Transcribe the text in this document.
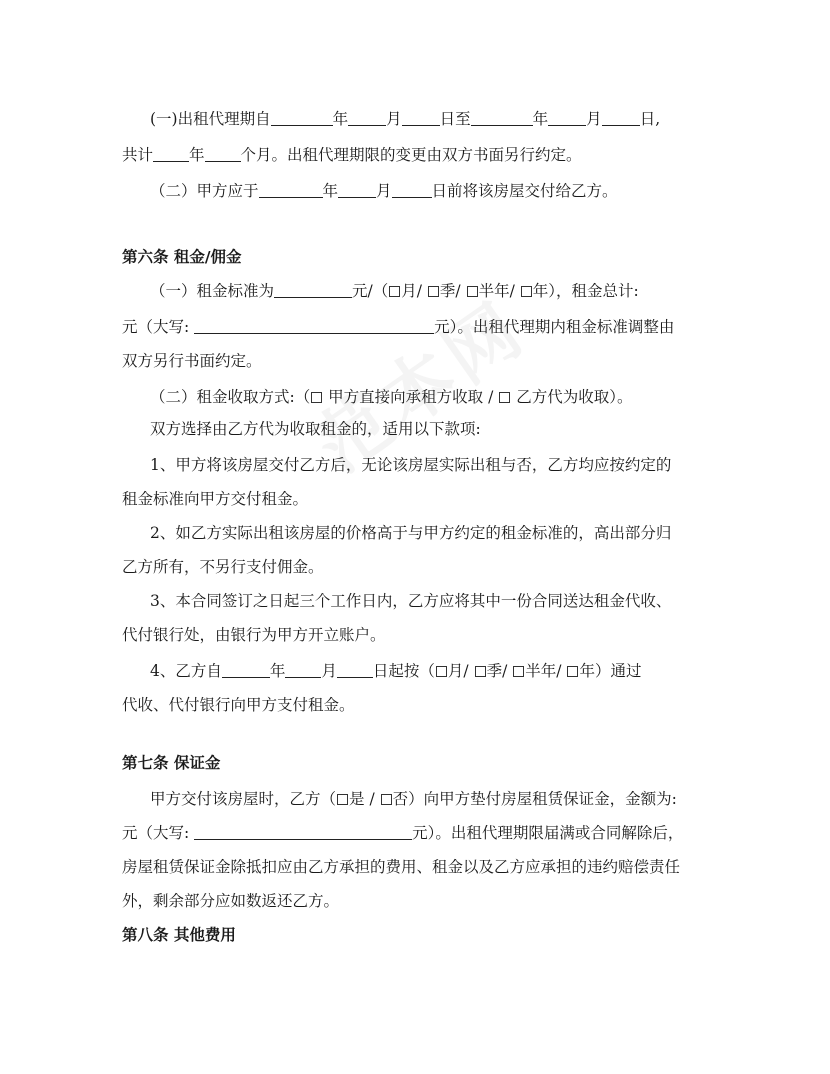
(一)出租代理期自	年 月 日至	年 月 日,
共计 年 个月。出租代理期限的变更由双方书面另行约定。
（二）甲方应于	年 月	日前将该房屋交付给乙方。
第六条 租金/佣金
（一）租金标准为	元/（ 月/ 季/ 半年/ 年），租金总计:
元（大写:	元）。出租代理期内租金标准调整由
双方另行书面约定。
（二）租金收取方式:（ 甲方直接向承租方收取 / 乙方代为收取）。
双方选择由乙方代为收取租金的，适用以下款项:
1、甲方将该房屋交付乙方后，无论该房屋实际出租与否，乙方均应按约定的
租金标准向甲方交付租金。
2、如乙方实际出租该房屋的价格高于与甲方约定的租金标准的，高出部分归
乙方所有，不另行支付佣金。
3、本合同签订之日起三个工作日内，乙方应将其中一份合同送达租金代收、
代付银行处，由银行为甲方开立账户。
4、乙方自	年 月 日起按（ 月/ 季/ 半年/ 年）通过
代收、代付银行向甲方支付租金。
第七条 保证金
甲方交付该房屋时，乙方（ 是 / 否）向甲方垫付房屋租赁保证金，金额为:
元（大写:	元）。出租代理期限届满或合同解除后，
房屋租赁保证金除抵扣应由乙方承担的费用、租金以及乙方应承担的违约赔偿责任
外，剩余部分应如数返还乙方。
第八条 其他费用
